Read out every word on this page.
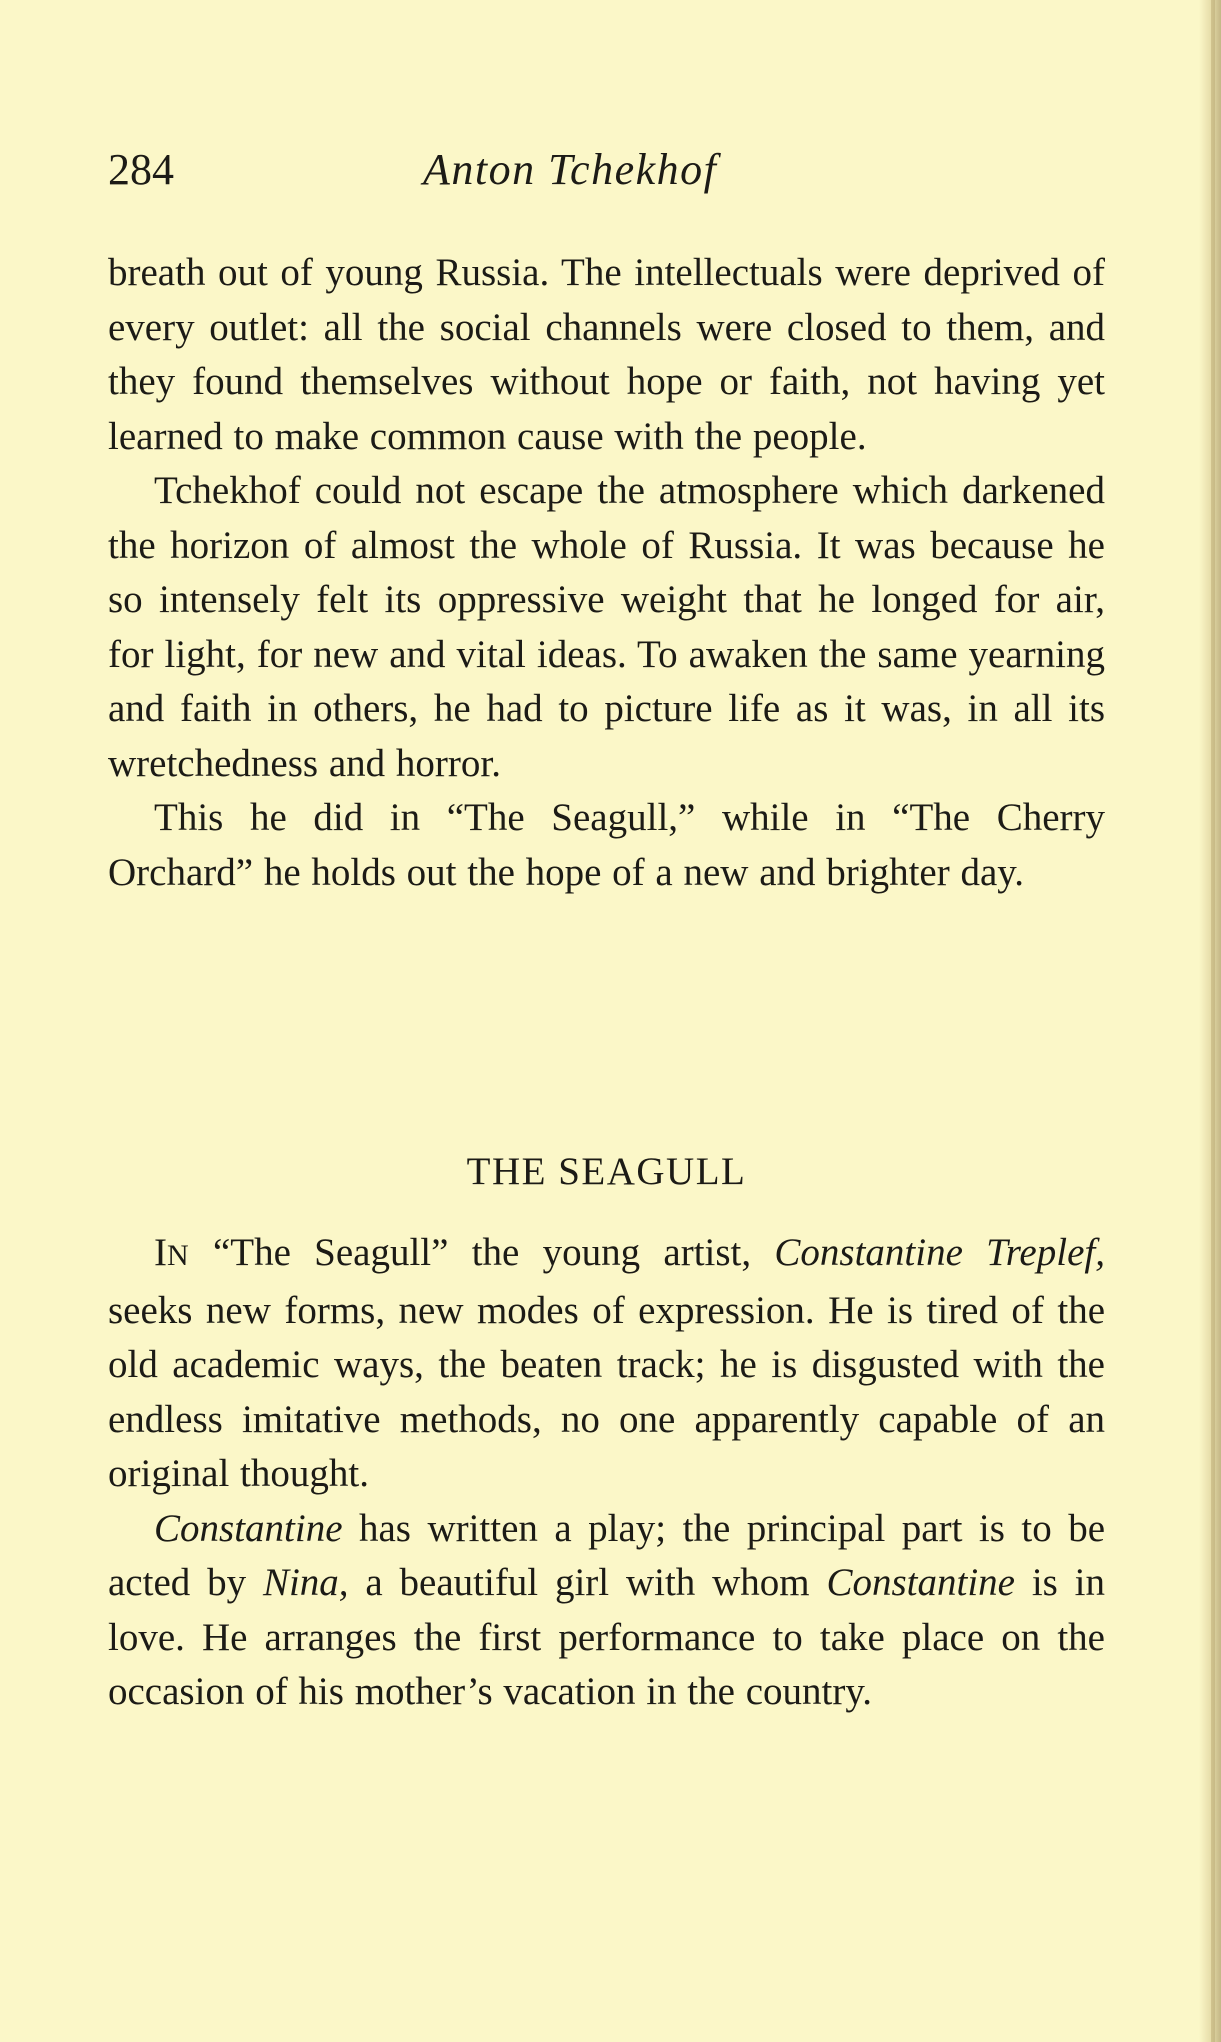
284	Anton Tchekhof

breath out of young Russia. The intellectuals were deprived of every outlet: all the social channels were closed to them, and they found themselves without hope or faith, not having yet learned to make common cause with the people.

Tchekhof could not escape the atmosphere which darkened the horizon of almost the whole of Russia. It was because he so intensely felt its oppressive weight that he longed for air, for light, for new and vital ideas. To awaken the same yearning and faith in others, he had to picture life as it was, in all its wretchedness and horror.

This he did in “The Seagull,” while in “The Cherry Orchard” he holds out the hope of a new and brighter day.

THE SEAGULL

IN “The Seagull” the young artist, Constantine Treplef, seeks new forms, new modes of expression. He is tired of the old academic ways, the beaten track; he is disgusted with the endless imitative methods, no one apparently capable of an original thought.

Constantine has written a play; the principal part is to be acted by Nina, a beautiful girl with whom Constantine is in love. He arranges the first performance to take place on the occasion of his mother’s vacation in the country.
